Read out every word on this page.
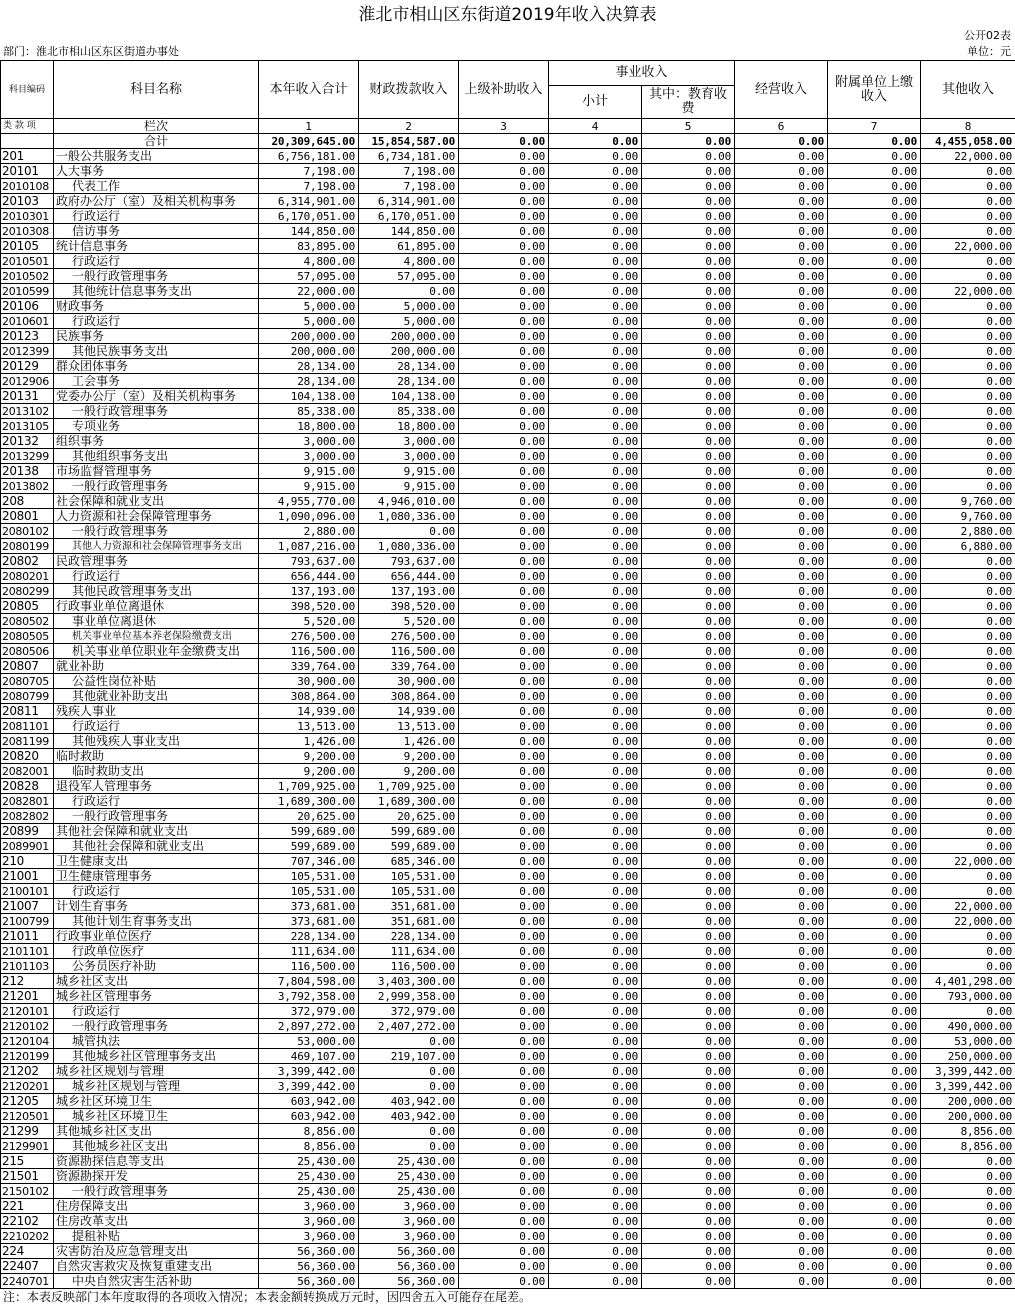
淮北市相山区东街道2019年收入决算表
公开02表
部门：淮北市相山区东区街道办事处	单位：元
科目编码	科目名称	本年收入合计	财政拨款收入	上级补助收入	事业收入		经营收入	附属单位上缴收入	其他收入
					小计	其中：教育收费			
类 款 项	栏次	1	2	3	4	5	6	7	8
	合计	20,309,645.00	15,854,587.00	0.00	0.00	0.00	0.00	0.00	4,455,058.00
201	一般公共服务支出	6,756,181.00	6,734,181.00	0.00	0.00	0.00	0.00	0.00	22,000.00
20101	人大事务	7,198.00	7,198.00	0.00	0.00	0.00	0.00	0.00	0.00
2010108	代表工作	7,198.00	7,198.00	0.00	0.00	0.00	0.00	0.00	0.00
20103	政府办公厅（室）及相关机构事务	6,314,901.00	6,314,901.00	0.00	0.00	0.00	0.00	0.00	0.00
2010301	行政运行	6,170,051.00	6,170,051.00	0.00	0.00	0.00	0.00	0.00	0.00
2010308	信访事务	144,850.00	144,850.00	0.00	0.00	0.00	0.00	0.00	0.00
20105	统计信息事务	83,895.00	61,895.00	0.00	0.00	0.00	0.00	0.00	22,000.00
2010501	行政运行	4,800.00	4,800.00	0.00	0.00	0.00	0.00	0.00	0.00
2010502	一般行政管理事务	57,095.00	57,095.00	0.00	0.00	0.00	0.00	0.00	0.00
2010599	其他统计信息事务支出	22,000.00	0.00	0.00	0.00	0.00	0.00	0.00	22,000.00
20106	财政事务	5,000.00	5,000.00	0.00	0.00	0.00	0.00	0.00	0.00
2010601	行政运行	5,000.00	5,000.00	0.00	0.00	0.00	0.00	0.00	0.00
20123	民族事务	200,000.00	200,000.00	0.00	0.00	0.00	0.00	0.00	0.00
2012399	其他民族事务支出	200,000.00	200,000.00	0.00	0.00	0.00	0.00	0.00	0.00
20129	群众团体事务	28,134.00	28,134.00	0.00	0.00	0.00	0.00	0.00	0.00
2012906	工会事务	28,134.00	28,134.00	0.00	0.00	0.00	0.00	0.00	0.00
20131	党委办公厅（室）及相关机构事务	104,138.00	104,138.00	0.00	0.00	0.00	0.00	0.00	0.00
2013102	一般行政管理事务	85,338.00	85,338.00	0.00	0.00	0.00	0.00	0.00	0.00
2013105	专项业务	18,800.00	18,800.00	0.00	0.00	0.00	0.00	0.00	0.00
20132	组织事务	3,000.00	3,000.00	0.00	0.00	0.00	0.00	0.00	0.00
2013299	其他组织事务支出	3,000.00	3,000.00	0.00	0.00	0.00	0.00	0.00	0.00
20138	市场监督管理事务	9,915.00	9,915.00	0.00	0.00	0.00	0.00	0.00	0.00
2013802	一般行政管理事务	9,915.00	9,915.00	0.00	0.00	0.00	0.00	0.00	0.00
208	社会保障和就业支出	4,955,770.00	4,946,010.00	0.00	0.00	0.00	0.00	0.00	9,760.00
20801	人力资源和社会保障管理事务	1,090,096.00	1,080,336.00	0.00	0.00	0.00	0.00	0.00	9,760.00
2080102	一般行政管理事务	2,880.00	0.00	0.00	0.00	0.00	0.00	0.00	2,880.00
2080199	其他人力资源和社会保障管理事务支出	1,087,216.00	1,080,336.00	0.00	0.00	0.00	0.00	0.00	6,880.00
20802	民政管理事务	793,637.00	793,637.00	0.00	0.00	0.00	0.00	0.00	0.00
2080201	行政运行	656,444.00	656,444.00	0.00	0.00	0.00	0.00	0.00	0.00
2080299	其他民政管理事务支出	137,193.00	137,193.00	0.00	0.00	0.00	0.00	0.00	0.00
20805	行政事业单位离退休	398,520.00	398,520.00	0.00	0.00	0.00	0.00	0.00	0.00
2080502	事业单位离退休	5,520.00	5,520.00	0.00	0.00	0.00	0.00	0.00	0.00
2080505	机关事业单位基本养老保险缴费支出	276,500.00	276,500.00	0.00	0.00	0.00	0.00	0.00	0.00
2080506	机关事业单位职业年金缴费支出	116,500.00	116,500.00	0.00	0.00	0.00	0.00	0.00	0.00
20807	就业补助	339,764.00	339,764.00	0.00	0.00	0.00	0.00	0.00	0.00
2080705	公益性岗位补贴	30,900.00	30,900.00	0.00	0.00	0.00	0.00	0.00	0.00
2080799	其他就业补助支出	308,864.00	308,864.00	0.00	0.00	0.00	0.00	0.00	0.00
20811	残疾人事业	14,939.00	14,939.00	0.00	0.00	0.00	0.00	0.00	0.00
2081101	行政运行	13,513.00	13,513.00	0.00	0.00	0.00	0.00	0.00	0.00
2081199	其他残疾人事业支出	1,426.00	1,426.00	0.00	0.00	0.00	0.00	0.00	0.00
20820	临时救助	9,200.00	9,200.00	0.00	0.00	0.00	0.00	0.00	0.00
2082001	临时救助支出	9,200.00	9,200.00	0.00	0.00	0.00	0.00	0.00	0.00
20828	退役军人管理事务	1,709,925.00	1,709,925.00	0.00	0.00	0.00	0.00	0.00	0.00
2082801	行政运行	1,689,300.00	1,689,300.00	0.00	0.00	0.00	0.00	0.00	0.00
2082802	一般行政管理事务	20,625.00	20,625.00	0.00	0.00	0.00	0.00	0.00	0.00
20899	其他社会保障和就业支出	599,689.00	599,689.00	0.00	0.00	0.00	0.00	0.00	0.00
2089901	其他社会保障和就业支出	599,689.00	599,689.00	0.00	0.00	0.00	0.00	0.00	0.00
210	卫生健康支出	707,346.00	685,346.00	0.00	0.00	0.00	0.00	0.00	22,000.00
21001	卫生健康管理事务	105,531.00	105,531.00	0.00	0.00	0.00	0.00	0.00	0.00
2100101	行政运行	105,531.00	105,531.00	0.00	0.00	0.00	0.00	0.00	0.00
21007	计划生育事务	373,681.00	351,681.00	0.00	0.00	0.00	0.00	0.00	22,000.00
2100799	其他计划生育事务支出	373,681.00	351,681.00	0.00	0.00	0.00	0.00	0.00	22,000.00
21011	行政事业单位医疗	228,134.00	228,134.00	0.00	0.00	0.00	0.00	0.00	0.00
2101101	行政单位医疗	111,634.00	111,634.00	0.00	0.00	0.00	0.00	0.00	0.00
2101103	公务员医疗补助	116,500.00	116,500.00	0.00	0.00	0.00	0.00	0.00	0.00
212	城乡社区支出	7,804,598.00	3,403,300.00	0.00	0.00	0.00	0.00	0.00	4,401,298.00
21201	城乡社区管理事务	3,792,358.00	2,999,358.00	0.00	0.00	0.00	0.00	0.00	793,000.00
2120101	行政运行	372,979.00	372,979.00	0.00	0.00	0.00	0.00	0.00	0.00
2120102	一般行政管理事务	2,897,272.00	2,407,272.00	0.00	0.00	0.00	0.00	0.00	490,000.00
2120104	城管执法	53,000.00	0.00	0.00	0.00	0.00	0.00	0.00	53,000.00
2120199	其他城乡社区管理事务支出	469,107.00	219,107.00	0.00	0.00	0.00	0.00	0.00	250,000.00
21202	城乡社区规划与管理	3,399,442.00	0.00	0.00	0.00	0.00	0.00	0.00	3,399,442.00
2120201	城乡社区规划与管理	3,399,442.00	0.00	0.00	0.00	0.00	0.00	0.00	3,399,442.00
21205	城乡社区环境卫生	603,942.00	403,942.00	0.00	0.00	0.00	0.00	0.00	200,000.00
2120501	城乡社区环境卫生	603,942.00	403,942.00	0.00	0.00	0.00	0.00	0.00	200,000.00
21299	其他城乡社区支出	8,856.00	0.00	0.00	0.00	0.00	0.00	0.00	8,856.00
2129901	其他城乡社区支出	8,856.00	0.00	0.00	0.00	0.00	0.00	0.00	8,856.00
215	资源勘探信息等支出	25,430.00	25,430.00	0.00	0.00	0.00	0.00	0.00	0.00
21501	资源勘探开发	25,430.00	25,430.00	0.00	0.00	0.00	0.00	0.00	0.00
2150102	一般行政管理事务	25,430.00	25,430.00	0.00	0.00	0.00	0.00	0.00	0.00
221	住房保障支出	3,960.00	3,960.00	0.00	0.00	0.00	0.00	0.00	0.00
22102	住房改革支出	3,960.00	3,960.00	0.00	0.00	0.00	0.00	0.00	0.00
2210202	提租补贴	3,960.00	3,960.00	0.00	0.00	0.00	0.00	0.00	0.00
224	灾害防治及应急管理支出	56,360.00	56,360.00	0.00	0.00	0.00	0.00	0.00	0.00
22407	自然灾害救灾及恢复重建支出	56,360.00	56,360.00	0.00	0.00	0.00	0.00	0.00	0.00
2240701	中央自然灾害生活补助	56,360.00	56,360.00	0.00	0.00	0.00	0.00	0.00	0.00
注：本表反映部门本年度取得的各项收入情况；本表金额转换成万元时，因四舍五入可能存在尾差。
